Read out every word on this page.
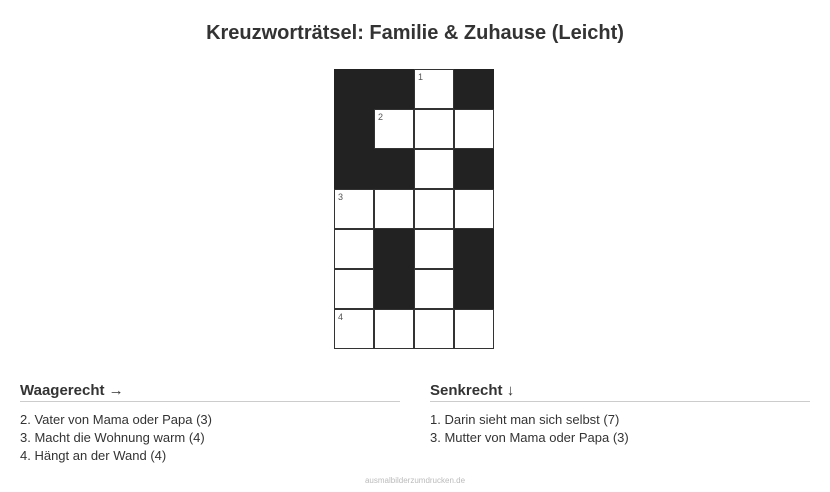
Kreuzworträtsel: Familie & Zuhause (Leicht)
1
2
3
4
Waagerecht →
2. Vater von Mama oder Papa (3)
3. Macht die Wohnung warm (4)
4. Hängt an der Wand (4)
Senkrecht ↓
1. Darin sieht man sich selbst (7)
3. Mutter von Mama oder Papa (3)
ausmalbilderzumdrucken.de
